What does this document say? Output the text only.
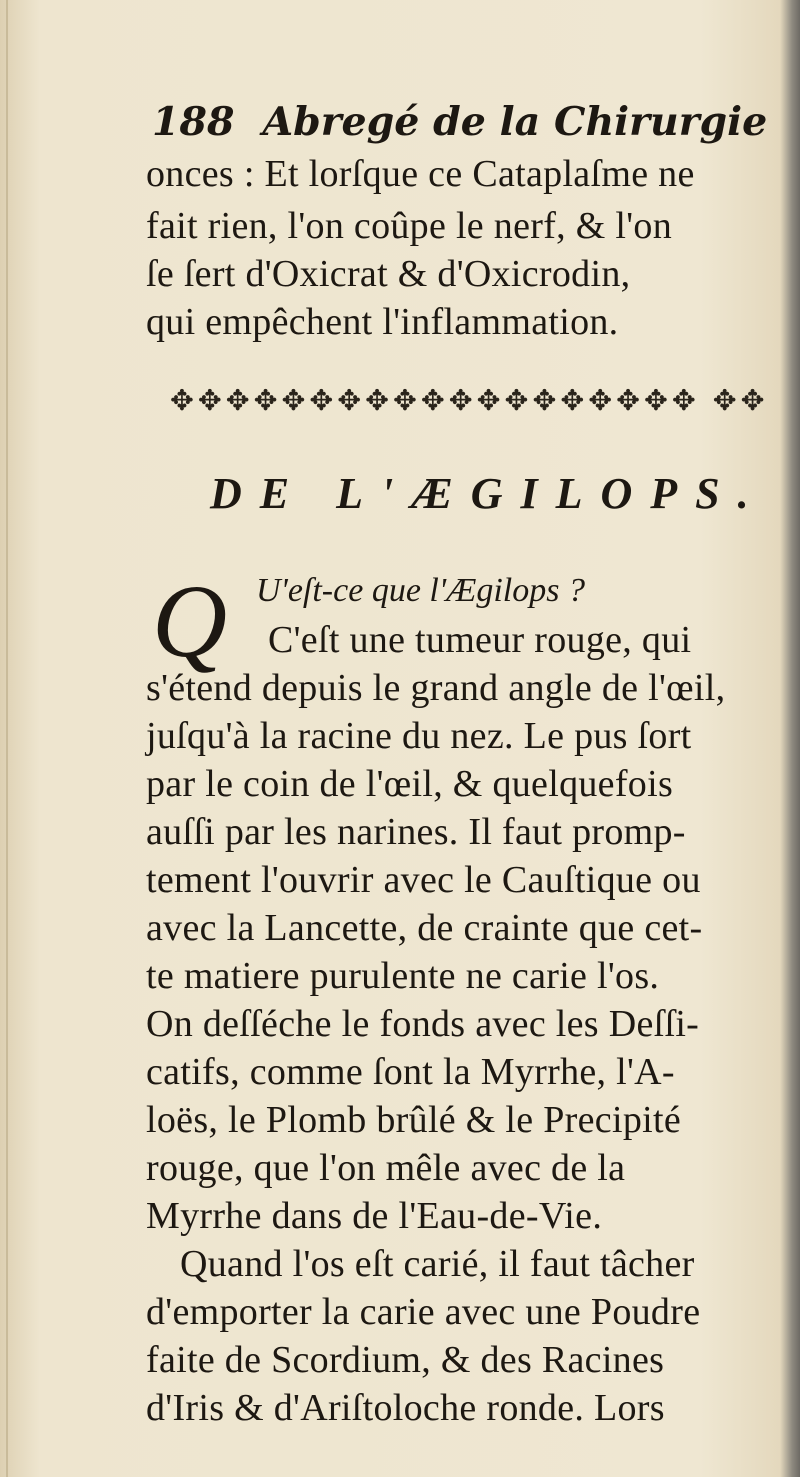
188 Abregé de la Chirurgie
onces : Et lorſque ce Cataplaſme ne
fait rien, l'on coûpe le nerf, & l'on
ſe ſert d'Oxicrat & d'Oxicrodin,
qui empêchent l'inflammation.
✥✥✥✥✥✥✥✥✥✥✥✥✥✥✥✥✥✥✥ ✥✥
DE L'ÆGILOPS.
Q U'eſt-ce que l'Ægilops ?
C'eſt une tumeur rouge, qui
s'étend depuis le grand angle de l'œil,
juſqu'à la racine du nez. Le pus ſort
par le coin de l'œil, & quelquefois
auſſi par les narines. Il faut promp-
tement l'ouvrir avec le Cauſtique ou
avec la Lancette, de crainte que cet-
te matiere purulente ne carie l'os.
On deſſéche le fonds avec les Deſſi-
catifs, comme ſont la Myrrhe, l'A-
loës, le Plomb brûlé & le Precipité
rouge, que l'on mêle avec de la
Myrrhe dans de l'Eau-de-Vie.
Quand l'os eſt carié, il faut tâcher
d'emporter la carie avec une Poudre
faite de Scordium, & des Racines
d'Iris & d'Ariſtoloche ronde. Lors
